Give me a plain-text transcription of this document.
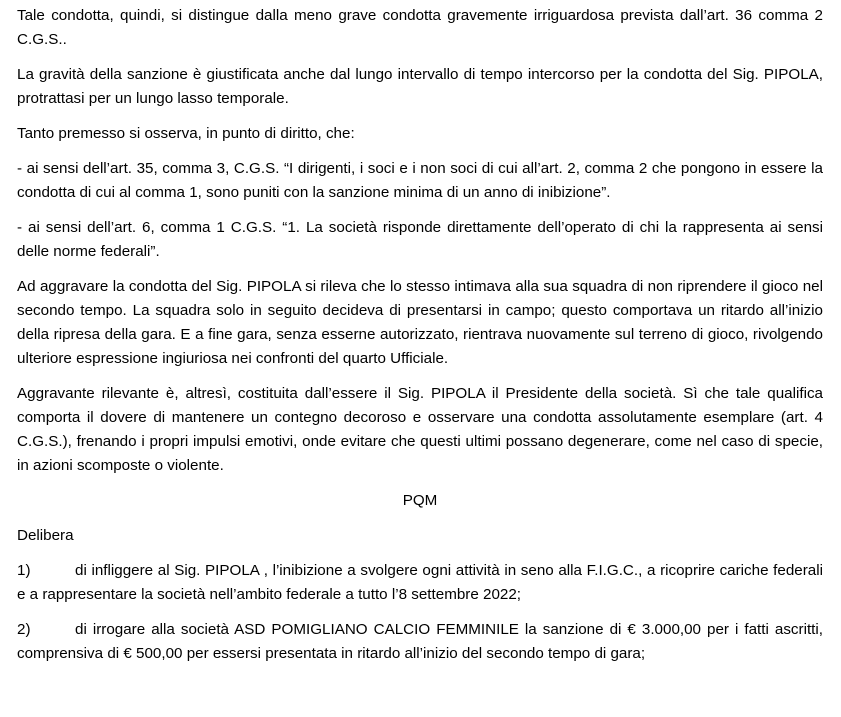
Tale condotta, quindi, si distingue dalla meno grave condotta gravemente irriguardosa prevista dall’art. 36 comma 2 C.G.S..

La gravità della sanzione è giustificata anche dal lungo intervallo di tempo intercorso per la condotta del Sig. PIPOLA, protrattasi per un lungo lasso temporale.

Tanto premesso si osserva, in punto di diritto, che:

- ai sensi dell’art. 35, comma 3, C.G.S. “I dirigenti, i soci e i non soci di cui all’art. 2, comma 2 che pongono in essere la condotta di cui al comma 1, sono puniti con la sanzione minima di un anno di inibizione”.

- ai sensi dell’art. 6, comma 1 C.G.S. “1. La società risponde direttamente dell’operato di chi la rappresenta ai sensi delle norme federali”.

Ad aggravare la condotta del Sig. PIPOLA si rileva che lo stesso intimava alla sua squadra di non riprendere il gioco nel secondo tempo. La squadra solo in seguito decideva di presentarsi in campo; questo comportava un ritardo all’inizio della ripresa della gara. E a fine gara, senza esserne autorizzato, rientrava nuovamente sul terreno di gioco, rivolgendo ulteriore espressione ingiuriosa nei confronti del quarto Ufficiale.

Aggravante rilevante è, altresì, costituita dall’essere il Sig. PIPOLA il Presidente della società. Sì che tale qualifica comporta il dovere di mantenere un contegno decoroso e osservare una condotta assolutamente esemplare (art. 4 C.G.S.), frenando i propri impulsi emotivi, onde evitare che questi ultimi possano degenerare, come nel caso di specie, in azioni scomposte o violente.

PQM

Delibera

1)	di infliggere al Sig. PIPOLA , l’inibizione a svolgere ogni attività in seno alla F.I.G.C., a ricoprire cariche federali e a rappresentare la società nell’ambito federale a tutto l’8 settembre 2022;

2)	di irrogare alla società ASD POMIGLIANO CALCIO FEMMINILE la sanzione di € 3.000,00 per i fatti ascritti, comprensiva di € 500,00 per essersi presentata in ritardo all’inizio del secondo tempo di gara;
